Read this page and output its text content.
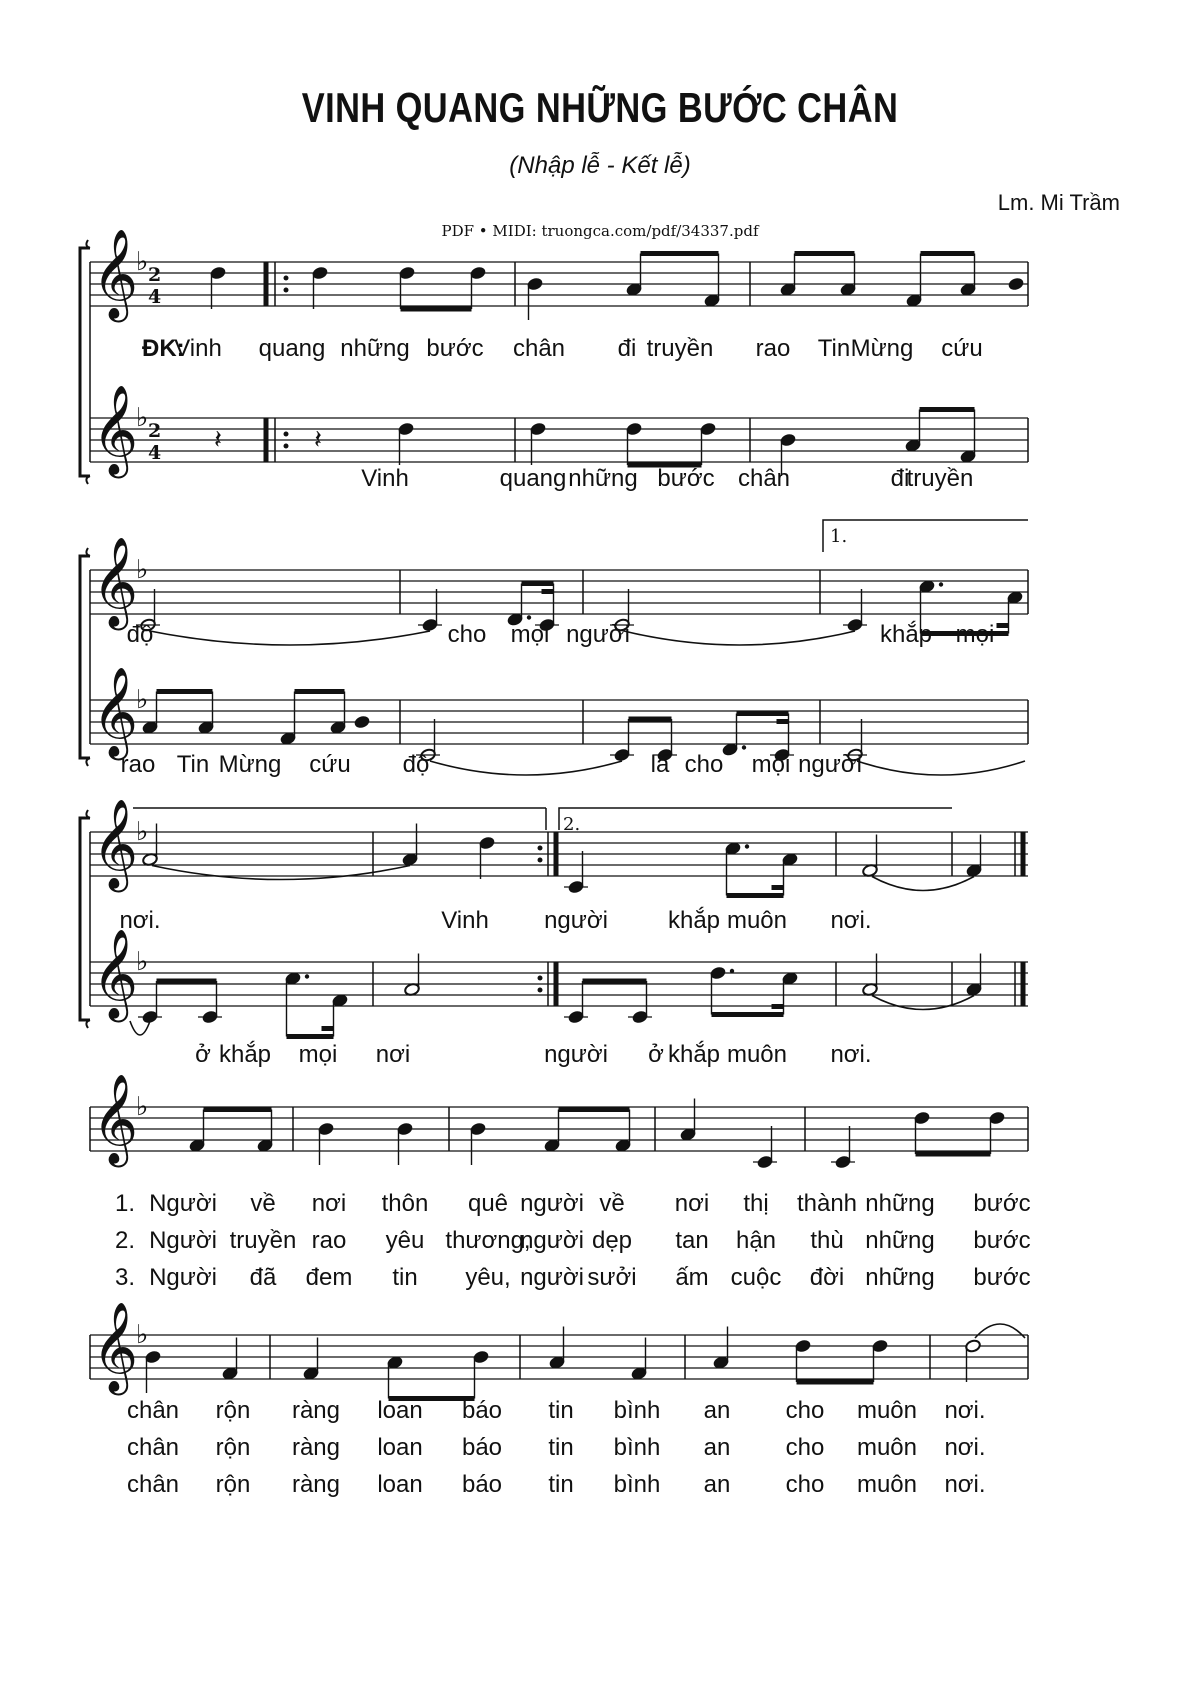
VINH QUANG NHỮNG BƯỚC CHÂN
(Nhập lễ - Kết lễ)
Lm. Mi Trầm
PDF • MIDI: truongca.com/pdf/34337.pdf
𝄞
♭ 2
4
𝄞
♭ 2
4 𝄽	𝄽
ĐK:
Vinh quang những bước chân đi truyền rao Tin Mừng cứu
Vinh	quang những bước chân	đi
truyền
𝄞
♭
𝄞
♭
1.
độ	cho mọi người	khắp mọi
rao Tin Mừng cứu độ	là cho mọi người
𝄞
♭
𝄞
♭
2.
nơi.	Vinh người	khắp muôn nơi.
ở khắp mọi nơi	người ở khắp muôn nơi.
𝄞
♭
1. Người về nơi thôn quê người về nơi thị thành những bước
2. Người truyền rao yêu thương,
người dẹp tan hận thù những bước
3. Người đã đem tin yêu, người sưởi ấm cuộc đời những bước
𝄞
♭
chân rộn ràng loan báo tin bình an cho muôn nơi.
chân rộn ràng loan báo tin bình an cho muôn nơi.
chân rộn ràng loan báo tin bình an cho muôn nơi.
